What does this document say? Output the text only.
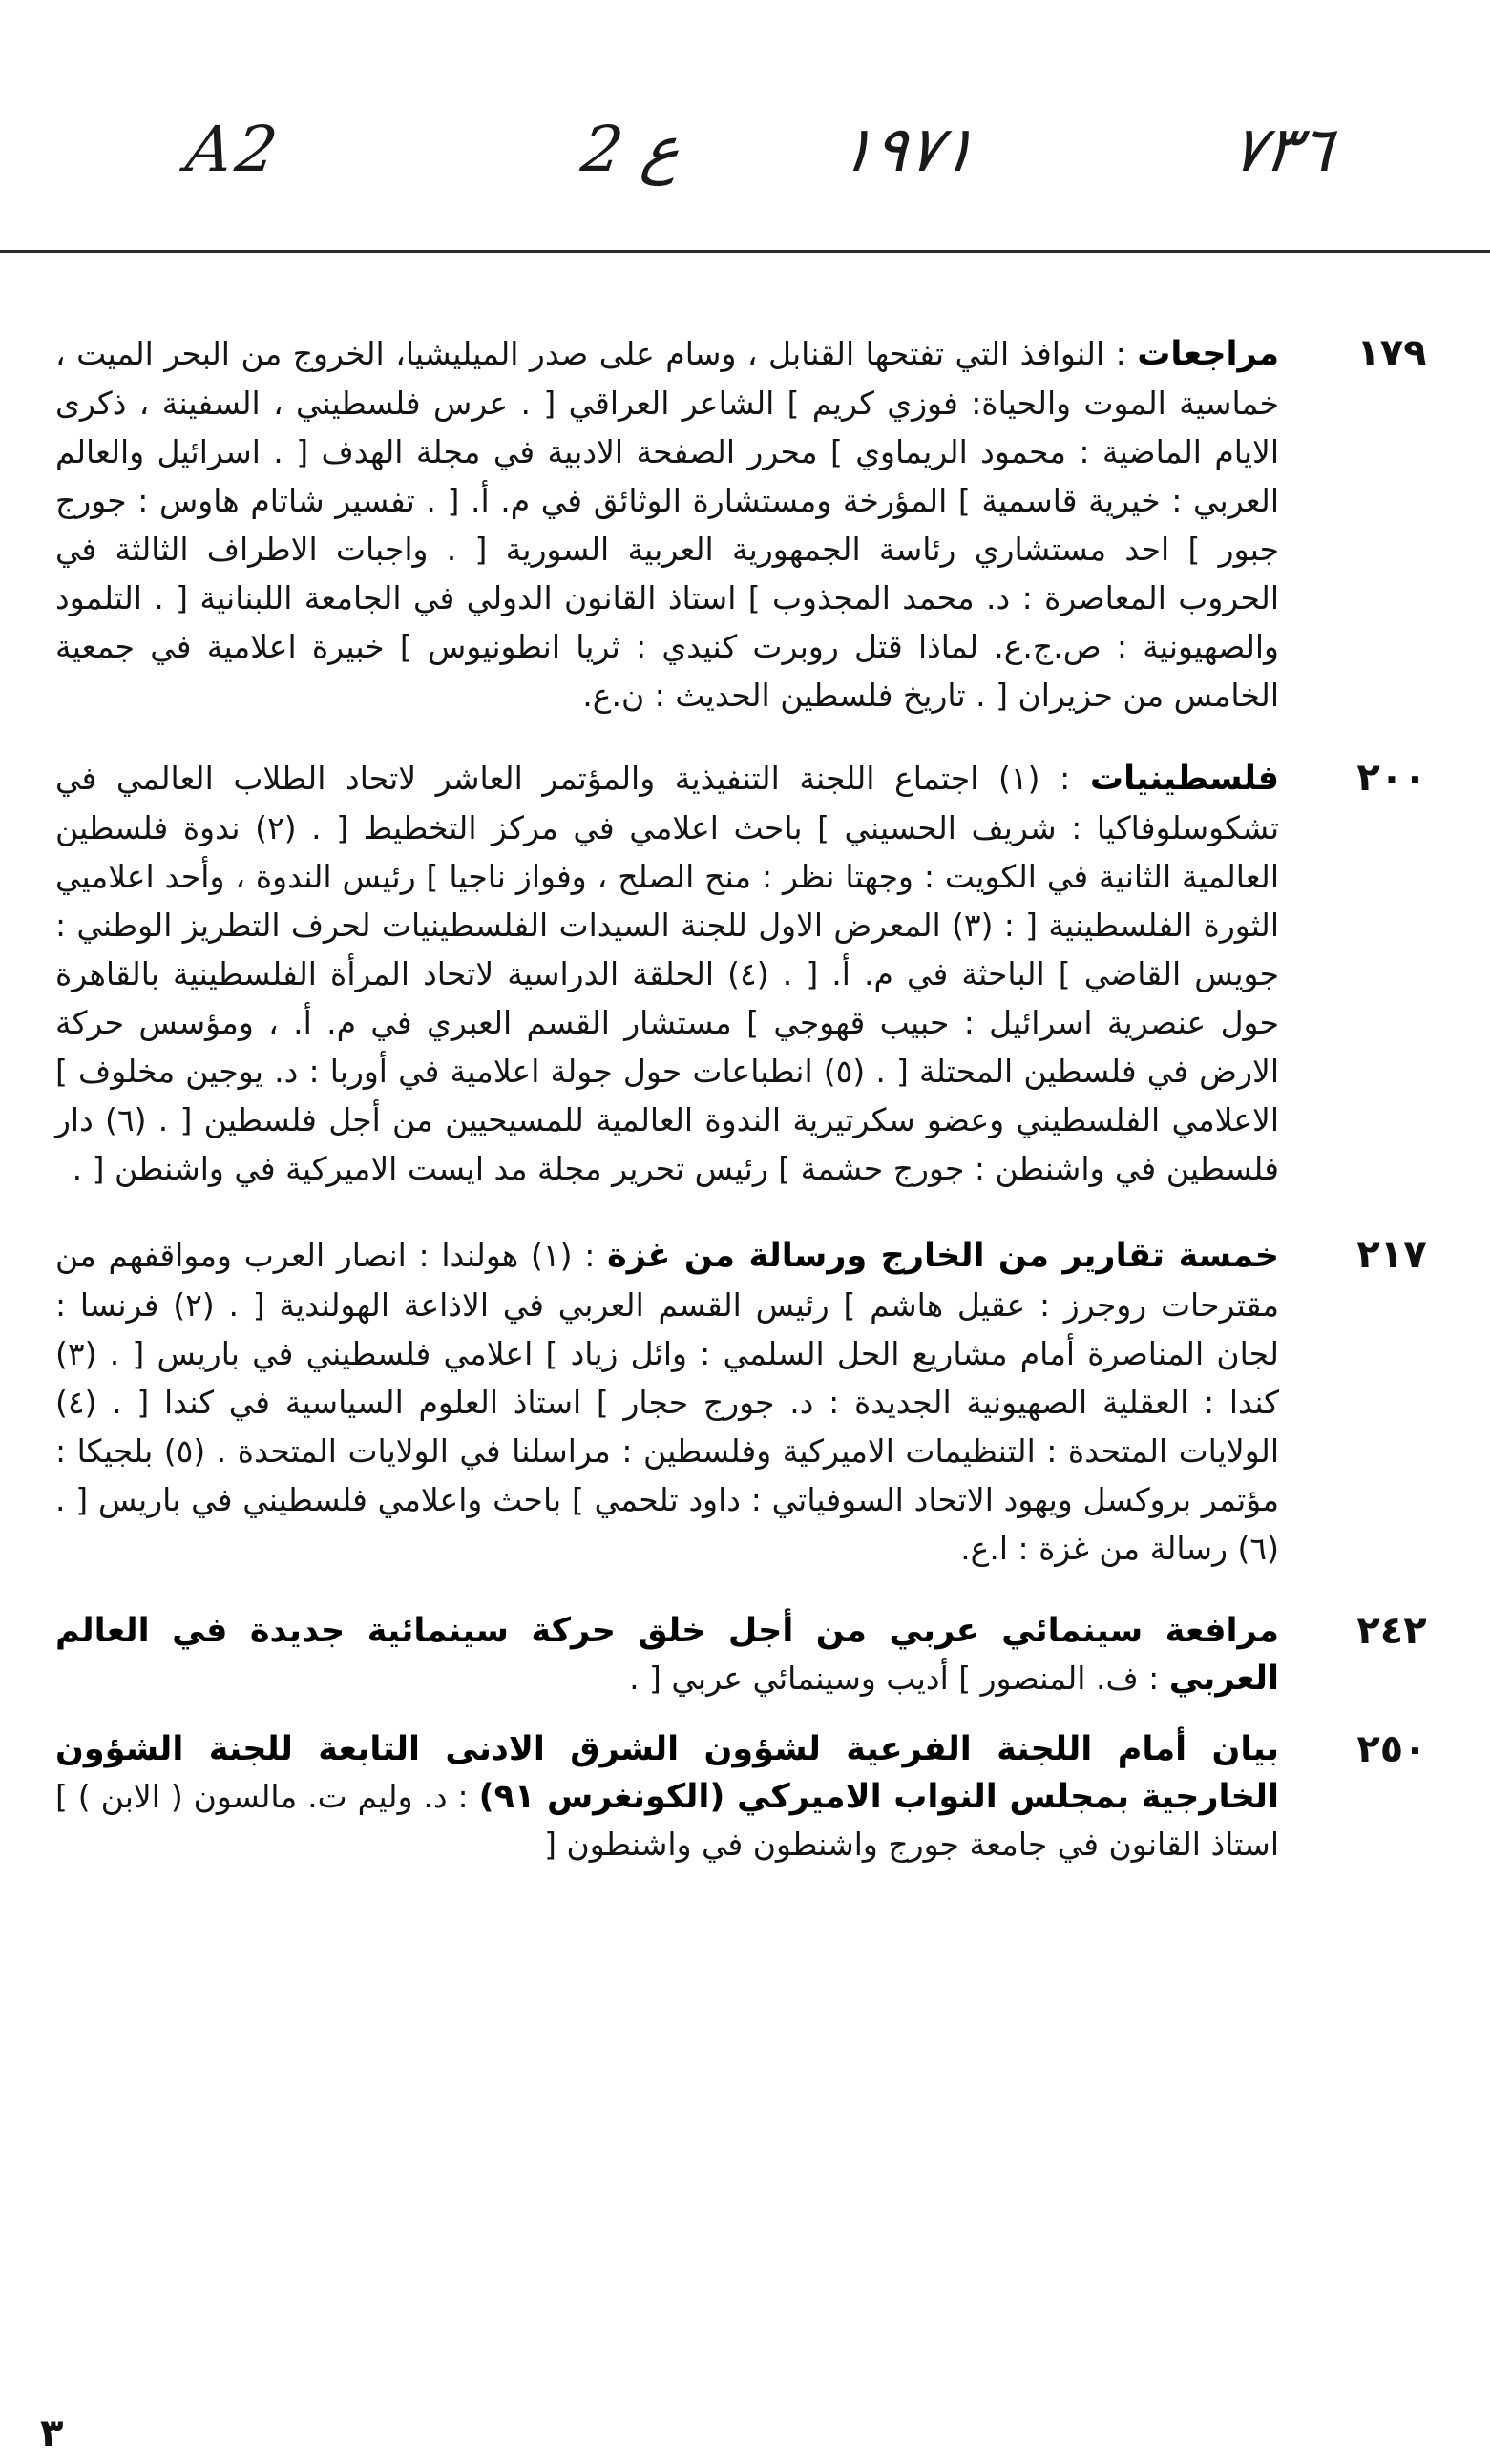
A2	2 ع ١٩٧١	٧٣٦
١٧٩
مراجعات : النوافذ التي تفتحها القنابل ، وسام على صدر الميليشيا، الخروج من البحر الميت ، خماسية الموت والحياة: فوزي كريم ] الشاعر العراقي [ . عرس فلسطيني ، السفينة ، ذكرى الايام الماضية : محمود الريماوي ] محرر الصفحة الادبية في مجلة الهدف [ . اسرائيل والعالم العربي : خيرية قاسمية ] المؤرخة ومستشارة الوثائق في م. أ. [ . تفسير شاتام هاوس : جورج جبور ] احد مستشاري رئاسة الجمهورية العربية السورية [ . واجبات الاطراف الثالثة في الحروب المعاصرة : د. محمد المجذوب ] استاذ القانون الدولي في الجامعة اللبنانية [ . التلمود والصهيونية : ص.ج.ع. لماذا قتل روبرت كنيدي : ثريا انطونيوس ] خبيرة اعلامية في جمعية الخامس من حزيران [ . تاريخ فلسطين الحديث : ن.ع.
٢٠٠
فلسطينيات : (١) اجتماع اللجنة التنفيذية والمؤتمر العاشر لاتحاد الطلاب العالمي في تشكوسلوفاكيا : شريف الحسيني ] باحث اعلامي في مركز التخطيط [ . (٢) ندوة فلسطين العالمية الثانية في الكويت : وجهتا نظر : منح الصلح ، وفواز ناجيا ] رئيس الندوة ، وأحد اعلاميي الثورة الفلسطينية [ : (٣) المعرض الاول للجنة السيدات الفلسطينيات لحرف التطريز الوطني : جويس القاضي ] الباحثة في م. أ. [ . (٤) الحلقة الدراسية لاتحاد المرأة الفلسطينية بالقاهرة حول عنصرية اسرائيل : حبيب قهوجي ] مستشار القسم العبري في م. أ. ، ومؤسس حركة الارض في فلسطين المحتلة [ . (٥) انطباعات حول جولة اعلامية في أوربا : د. يوجين مخلوف ] الاعلامي الفلسطيني وعضو سكرتيرية الندوة العالمية للمسيحيين من أجل فلسطين [ . (٦) دار فلسطين في واشنطن : جورج حشمة ] رئيس تحرير مجلة مد ايست الاميركية في واشنطن [ .
٢١٧
خمسة تقارير من الخارج ورسالة من غزة : (١) هولندا : انصار العرب ومواقفهم من مقترحات روجرز : عقيل هاشم ] رئيس القسم العربي في الاذاعة الهولندية [ . (٢) فرنسا : لجان المناصرة أمام مشاريع الحل السلمي : وائل زياد ] اعلامي فلسطيني في باريس [ . (٣) كندا : العقلية الصهيونية الجديدة : د. جورج حجار ] استاذ العلوم السياسية في كندا [ . (٤) الولايات المتحدة : التنظيمات الاميركية وفلسطين : مراسلنا في الولايات المتحدة . (٥) بلجيكا : مؤتمر بروكسل ويهود الاتحاد السوفياتي : داود تلحمي ] باحث واعلامي فلسطيني في باريس [ . (٦) رسالة من غزة : ا.ع.
٢٤٢
مرافعة سينمائي عربي من أجل خلق حركة سينمائية جديدة في العالم العربي : ف. المنصور ] أديب وسينمائي عربي [ .
٢٥٠
بيان أمام اللجنة الفرعية لشؤون الشرق الادنى التابعة للجنة الشؤون الخارجية بمجلس النواب الاميركي (الكونغرس ٩١) : د. وليم ت. مالسون ( الابن ) ] استاذ القانون في جامعة جورج واشنطون في واشنطون [
٣
